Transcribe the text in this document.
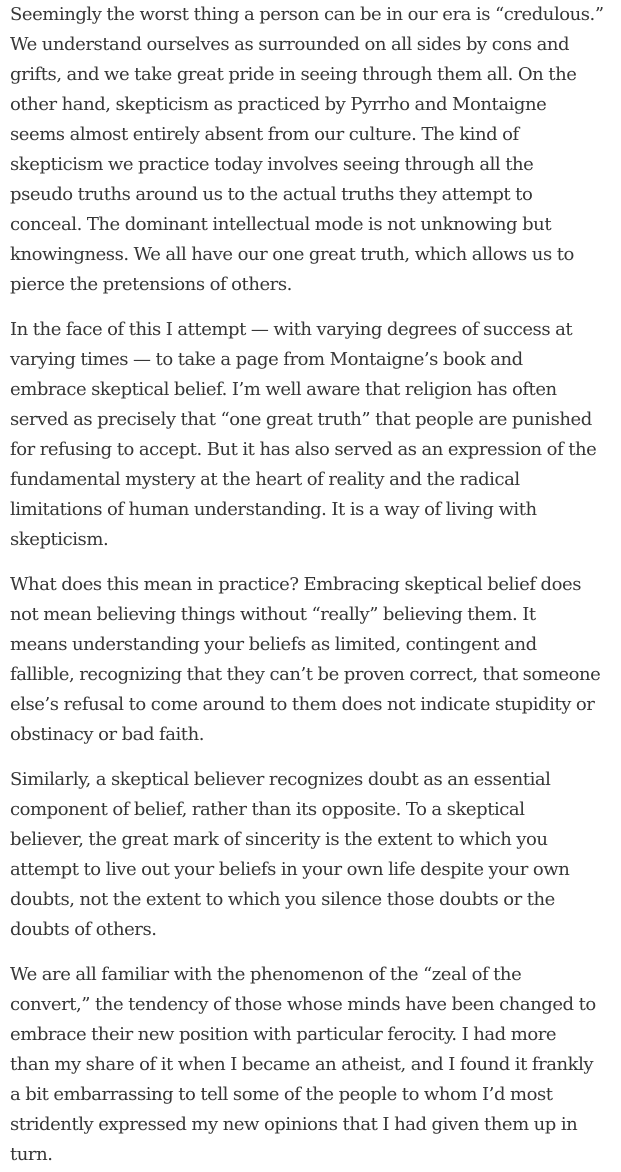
Seemingly the worst thing a person can be in our era is “credulous.”
We understand ourselves as surrounded on all sides by cons and
grifts, and we take great pride in seeing through them all. On the
other hand, skepticism as practiced by Pyrrho and Montaigne
seems almost entirely absent from our culture. The kind of
skepticism we practice today involves seeing through all the
pseudo truths around us to the actual truths they attempt to
conceal. The dominant intellectual mode is not unknowing but
knowingness. We all have our one great truth, which allows us to
pierce the pretensions of others.

In the face of this I attempt — with varying degrees of success at
varying times — to take a page from Montaigne’s book and
embrace skeptical belief. I’m well aware that religion has often
served as precisely that “one great truth” that people are punished
for refusing to accept. But it has also served as an expression of the
fundamental mystery at the heart of reality and the radical
limitations of human understanding. It is a way of living with
skepticism.

What does this mean in practice? Embracing skeptical belief does
not mean believing things without “really” believing them. It
means understanding your beliefs as limited, contingent and
fallible, recognizing that they can’t be proven correct, that someone
else’s refusal to come around to them does not indicate stupidity or
obstinacy or bad faith.

Similarly, a skeptical believer recognizes doubt as an essential
component of belief, rather than its opposite. To a skeptical
believer, the great mark of sincerity is the extent to which you
attempt to live out your beliefs in your own life despite your own
doubts, not the extent to which you silence those doubts or the
doubts of others.

We are all familiar with the phenomenon of the “zeal of the
convert,” the tendency of those whose minds have been changed to
embrace their new position with particular ferocity. I had more
than my share of it when I became an atheist, and I found it frankly
a bit embarrassing to tell some of the people to whom I’d most
stridently expressed my new opinions that I had given them up in
turn.
